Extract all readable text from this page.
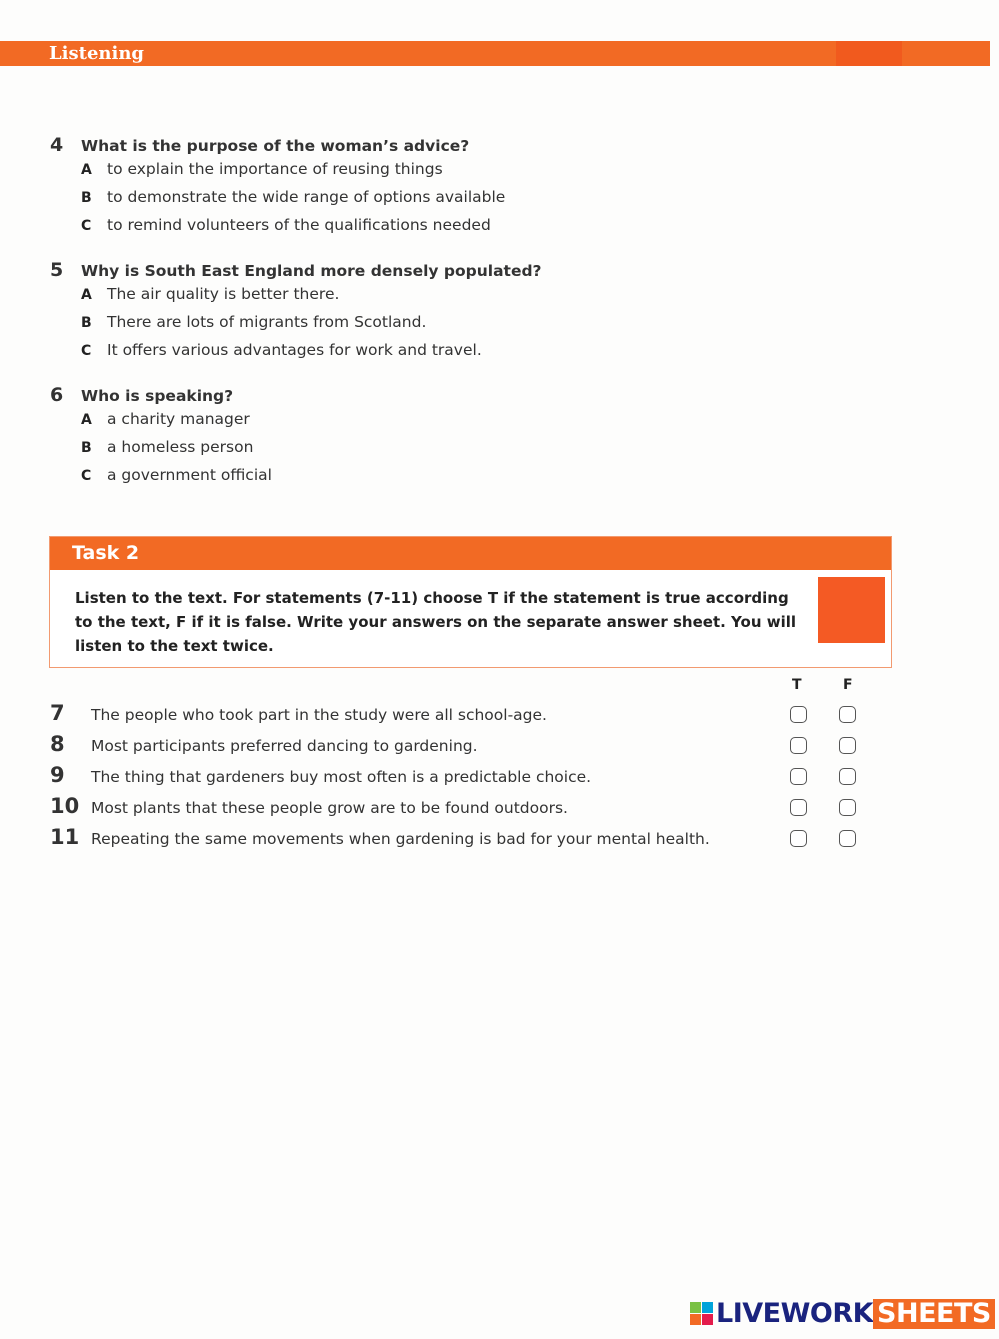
Listening
4	What is the purpose of the woman’s advice?
A to explain the importance of reusing things
B to demonstrate the wide range of options available
C	to remind volunteers of the qualifications needed
5	Why is South East England more densely populated?
A The air quality is better there.
B There are lots of migrants from Scotland.
C	It offers various advantages for work and travel.
6	Who is speaking?
A a charity manager
B a homeless person
C	a government official
Task 2
Listen to the text. For statements (7-11) choose T if the statement is true according to the text, F if it is false. Write your answers on the separate answer sheet. You will listen to the text twice.
T	F
7 The people who took part in the study were all school-age.
8 Most participants preferred dancing to gardening.
9 The thing that gardeners buy most often is a predictable choice.
10 Most plants that these people grow are to be found outdoors.
11 Repeating the same movements when gardening is bad for your mental health.
LIVEWORK SHEETS
